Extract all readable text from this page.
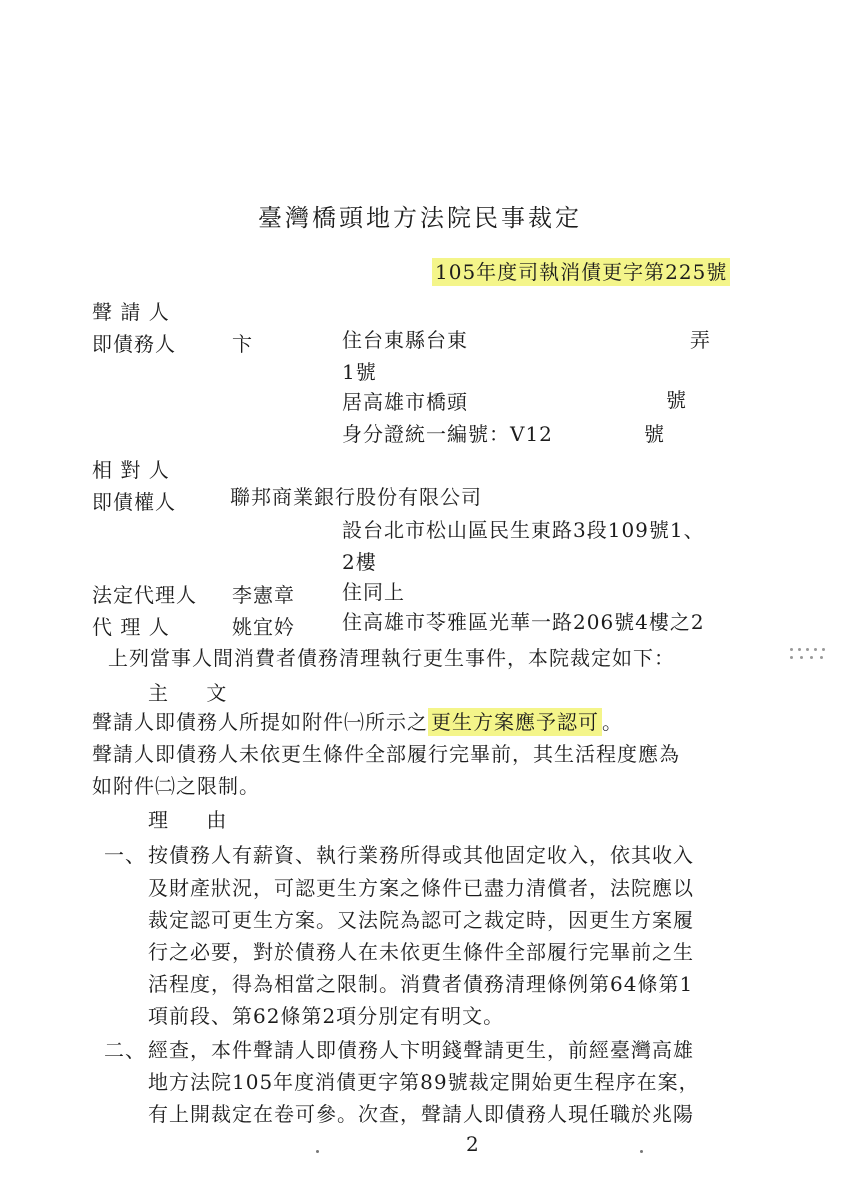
臺灣橋頭地方法院民事裁定
105年度司執消債更字第225號
聲 請 人
即債務人	卞	住台東縣台東	弄
1號
居高雄市橋頭	號
身分證統一編號：V12	號
相 對 人
即債權人	聯邦商業銀行股份有限公司
設台北市松山區民生東路3段109號1、
2樓
法定代理人 李憲章 住同上
代 理 人	姚宜妗 住高雄市苓雅區光華一路206號4樓之2
上列當事人間消費者債務清理執行更生事件，本院裁定如下：
主 文
聲請人即債務人所提如附件㈠所示之 更生方案應予認可 。
聲請人即債務人未依更生條件全部履行完畢前，其生活程度應為
如附件㈡之限制。
理 由
一、 按債務人有薪資、執行業務所得或其他固定收入，依其收入
及財產狀況，可認更生方案之條件已盡力清償者，法院應以
裁定認可更生方案。又法院為認可之裁定時，因更生方案履
行之必要，對於債務人在未依更生條件全部履行完畢前之生
活程度，得為相當之限制。消費者債務清理條例第64條第1
項前段、第62條第2項分別定有明文。
二、 經查，本件聲請人即債務人卞明錢聲請更生，前經臺灣高雄
地方法院105年度消債更字第89號裁定開始更生程序在案，
有上開裁定在卷可參。次查，聲請人即債務人現任職於兆陽
2
